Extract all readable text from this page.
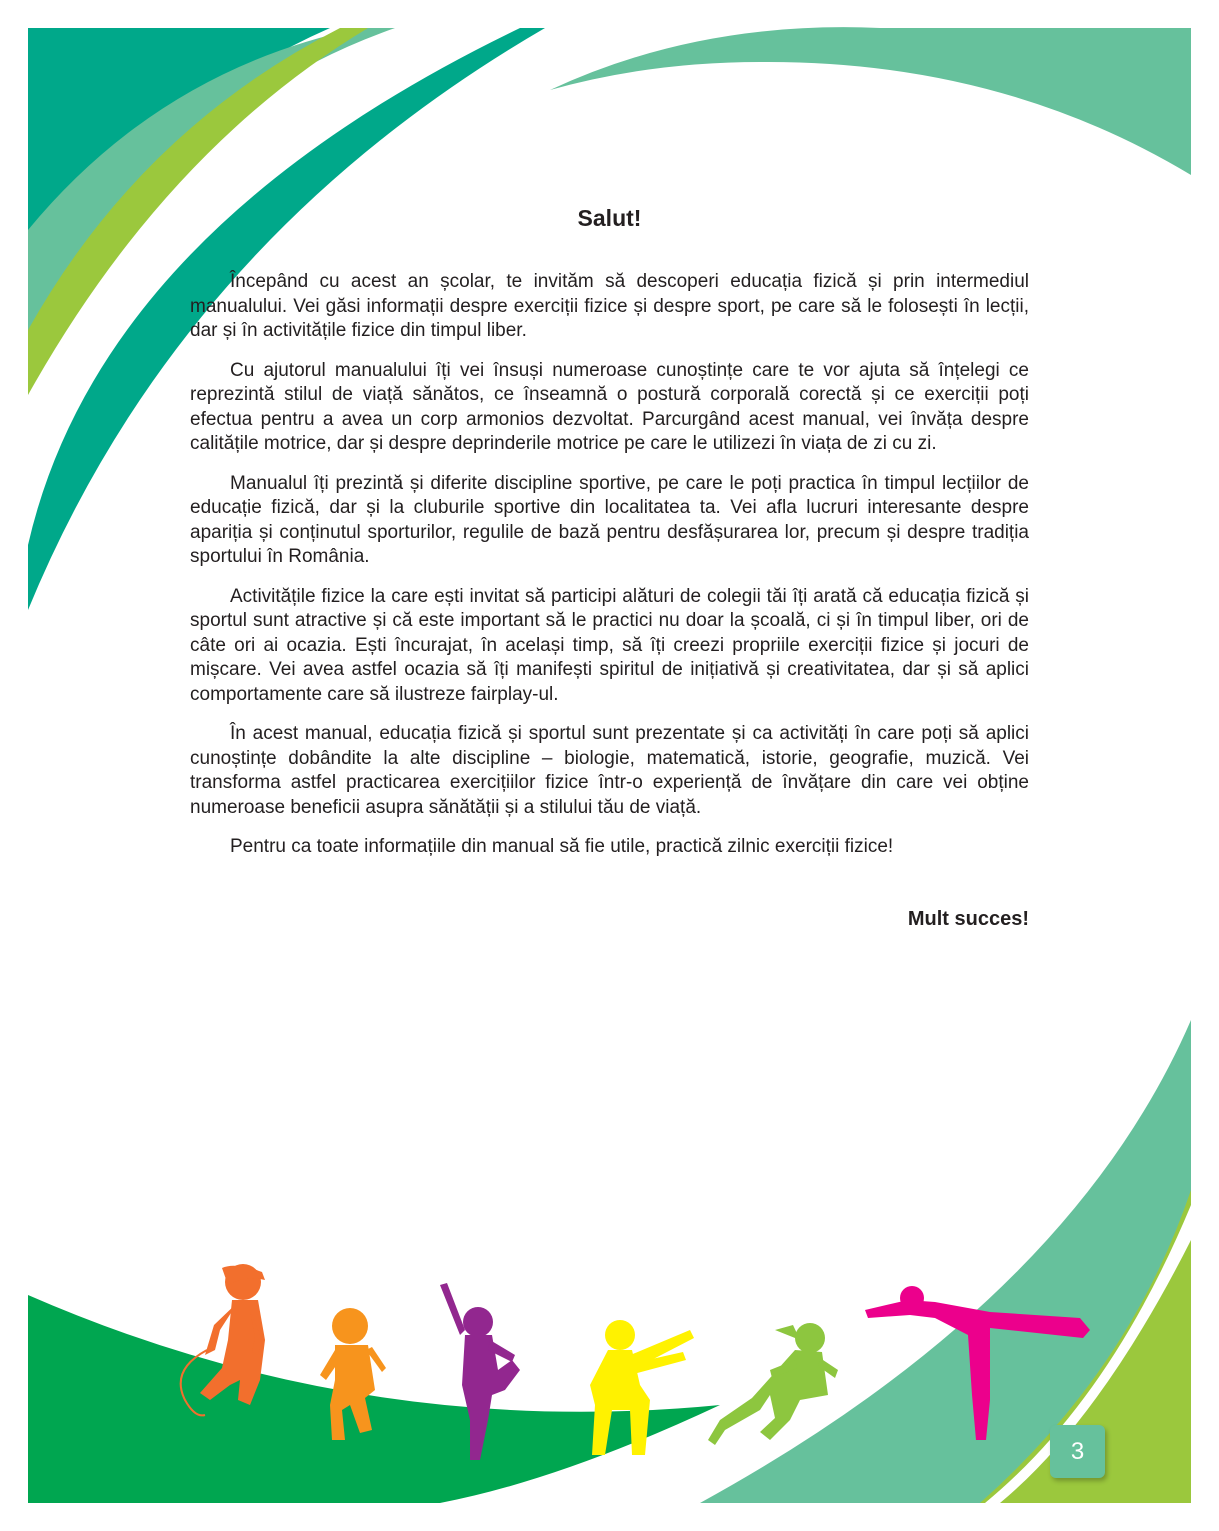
Salut!

Începând cu acest an școlar, te invităm să descoperi educația fizică și prin intermediul manualului. Vei găsi informații despre exerciții fizice și despre sport, pe care să le folosești în lecții, dar și în activitățile fizice din timpul liber.

Cu ajutorul manualului îți vei însuși numeroase cunoștințe care te vor ajuta să înțelegi ce reprezintă stilul de viață sănătos, ce înseamnă o postură corporală corectă și ce exerciții poți efectua pentru a avea un corp armonios dezvoltat. Parcurgând acest manual, vei învăța despre calitățile motrice, dar și despre deprinderile motrice pe care le utilizezi în viața de zi cu zi.

Manualul îți prezintă și diferite discipline sportive, pe care le poți practica în timpul lecțiilor de educație fizică, dar și la cluburile sportive din localitatea ta. Vei afla lucruri interesante despre apariția și conținutul sporturilor, regulile de bază pentru desfășurarea lor, precum și despre tradiția sportului în România.

Activitățile fizice la care ești invitat să participi alături de colegii tăi îți arată că educația fizică și sportul sunt atractive și că este important să le practici nu doar la școală, ci și în timpul liber, ori de câte ori ai ocazia. Ești încurajat, în același timp, să îți creezi propriile exerciții fizice și jocuri de mișcare. Vei avea astfel ocazia să îți manifești spiritul de inițiativă și creativitatea, dar și să aplici comportamente care să ilustreze fairplay-ul.

În acest manual, educația fizică și sportul sunt prezentate și ca activități în care poți să aplici cunoștințe dobândite la alte discipline – biologie, matematică, istorie, geografie, muzică. Vei transforma astfel practicarea exercițiilor fizice într-o experiență de învățare din care vei obține numeroase beneficii asupra sănătății și a stilului tău de viață.

Pentru ca toate informațiile din manual să fie utile, practică zilnic exerciții fizice!

Mult succes!
3
